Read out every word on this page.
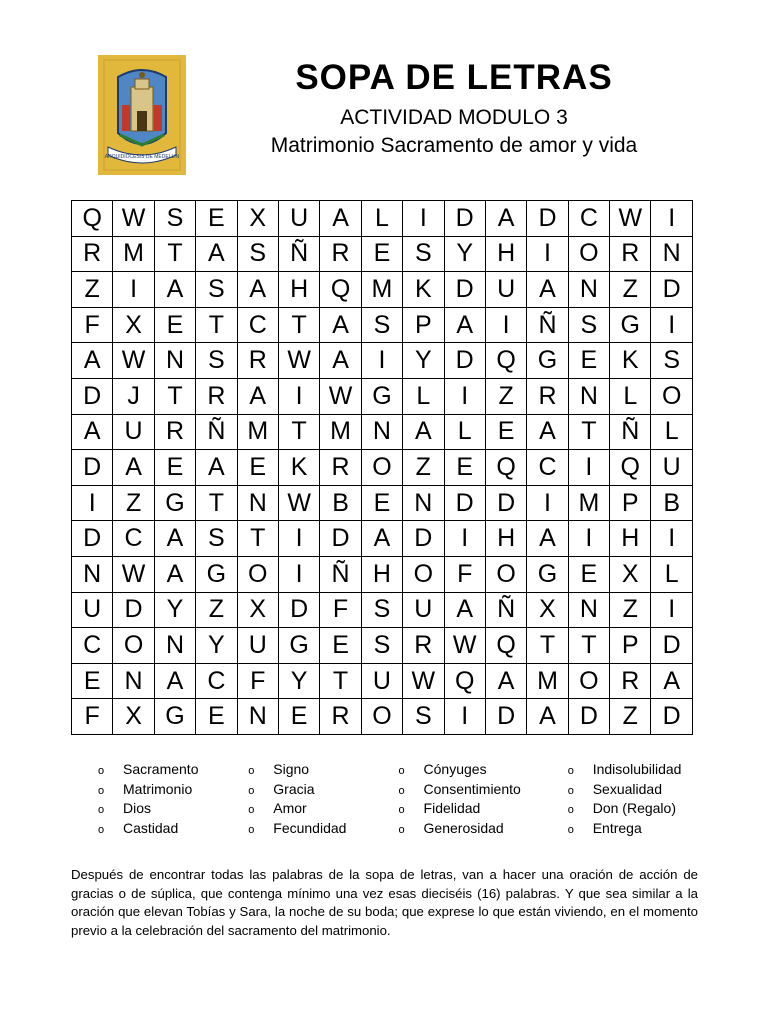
ARQUIDIOCESIS DE MEDELLIN
SOPA DE LETRAS
ACTIVIDAD MODULO 3
Matrimonio Sacramento de amor y vida
Q	W	S	E	X	U	A	L	I	D	A	D	C	W	I
R	M	T	A	S	Ñ	R	E	S	Y	H	I	O	R	N
Z	I	A	S	A	H	Q	M	K	D	U	A	N	Z	D
F	X	E	T	C	T	A	S	P	A	I	Ñ	S	G	I
A	W	N	S	R	W	A	I	Y	D	Q	G	E	K	S
D	J	T	R	A	I	W	G	L	I	Z	R	N	L	O
A	U	R	Ñ	M	T	M	N	A	L	E	A	T	Ñ	L
D	A	E	A	E	K	R	O	Z	E	Q	C	I	Q	U
I	Z	G	T	N	W	B	E	N	D	D	I	M	P	B
D	C	A	S	T	I	D	A	D	I	H	A	I	H	I
N	W	A	G	O	I	Ñ	H	O	F	O	G	E	X	L
U	D	Y	Z	X	D	F	S	U	A	Ñ	X	N	Z	I
C	O	N	Y	U	G	E	S	R	W	Q	T	T	P	D
E	N	A	C	F	Y	T	U	W	Q	A	M	O	R	A
F	X	G	E	N	E	R	O	S	I	D	A	D	Z	D
o Sacramento
o Matrimonio
o Dios
o Castidad
o Signo
o Gracia
o Amor
o Fecundidad
o Cónyuges
o Consentimiento
o Fidelidad
o Generosidad
o Indisolubilidad
o Sexualidad
o Don (Regalo)
o Entrega
Después de encontrar todas las palabras de la sopa de letras, van a hacer una oración de acción de gracias o de súplica, que contenga mínimo una vez esas dieciséis (16) palabras. Y que sea similar a la oración que elevan Tobías y Sara, la noche de su boda; que exprese lo que están viviendo, en el momento previo a la celebración del sacramento del matrimonio.
